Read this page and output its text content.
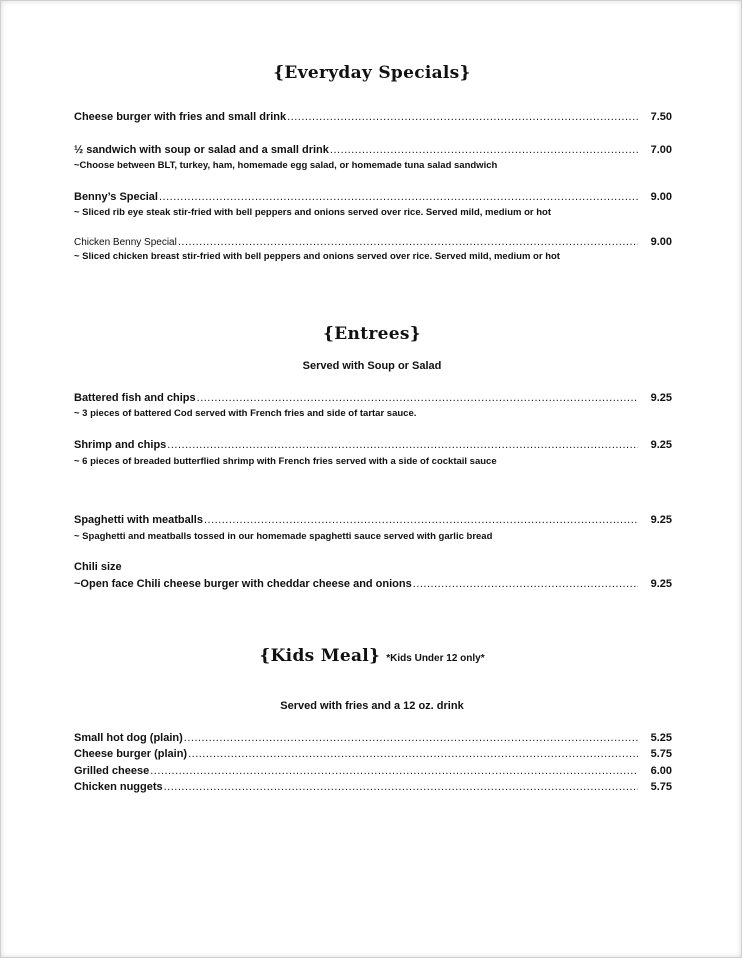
{Everyday Specials}
Cheese burger with fries and small drink .....	7.50
½ sandwich with soup or salad and a small drink .....	7.00
~Choose between BLT, turkey, ham, homemade egg salad, or homemade tuna salad sandwich
Benny’s Special .....	9.00
~ Sliced rib eye steak stir-fried with bell peppers and onions served over rice. Served mild, medium or hot
Chicken Benny Special .....	9.00
~ Sliced chicken breast stir-fried with bell peppers and onions served over rice. Served mild, medium or hot
{Entrees}
Served with Soup or Salad
Battered fish and chips .....	9.25
~ 3 pieces of battered Cod served with French fries and side of tartar sauce.
Shrimp and chips .....	9.25
~ 6 pieces of breaded butterflied shrimp with French fries served with a side of cocktail sauce
Spaghetti with meatballs .....	9.25
~ Spaghetti and meatballs tossed in our homemade spaghetti sauce served with garlic bread
Chili size
~Open face Chili cheese burger with cheddar cheese and onions .....	9.25
{Kids Meal} *Kids Under 12 only*
Served with fries and a 12 oz. drink
Small hot dog (plain) .....	5.25
Cheese burger (plain) .....	5.75
Grilled cheese .....	6.00
Chicken nuggets .....	5.75
